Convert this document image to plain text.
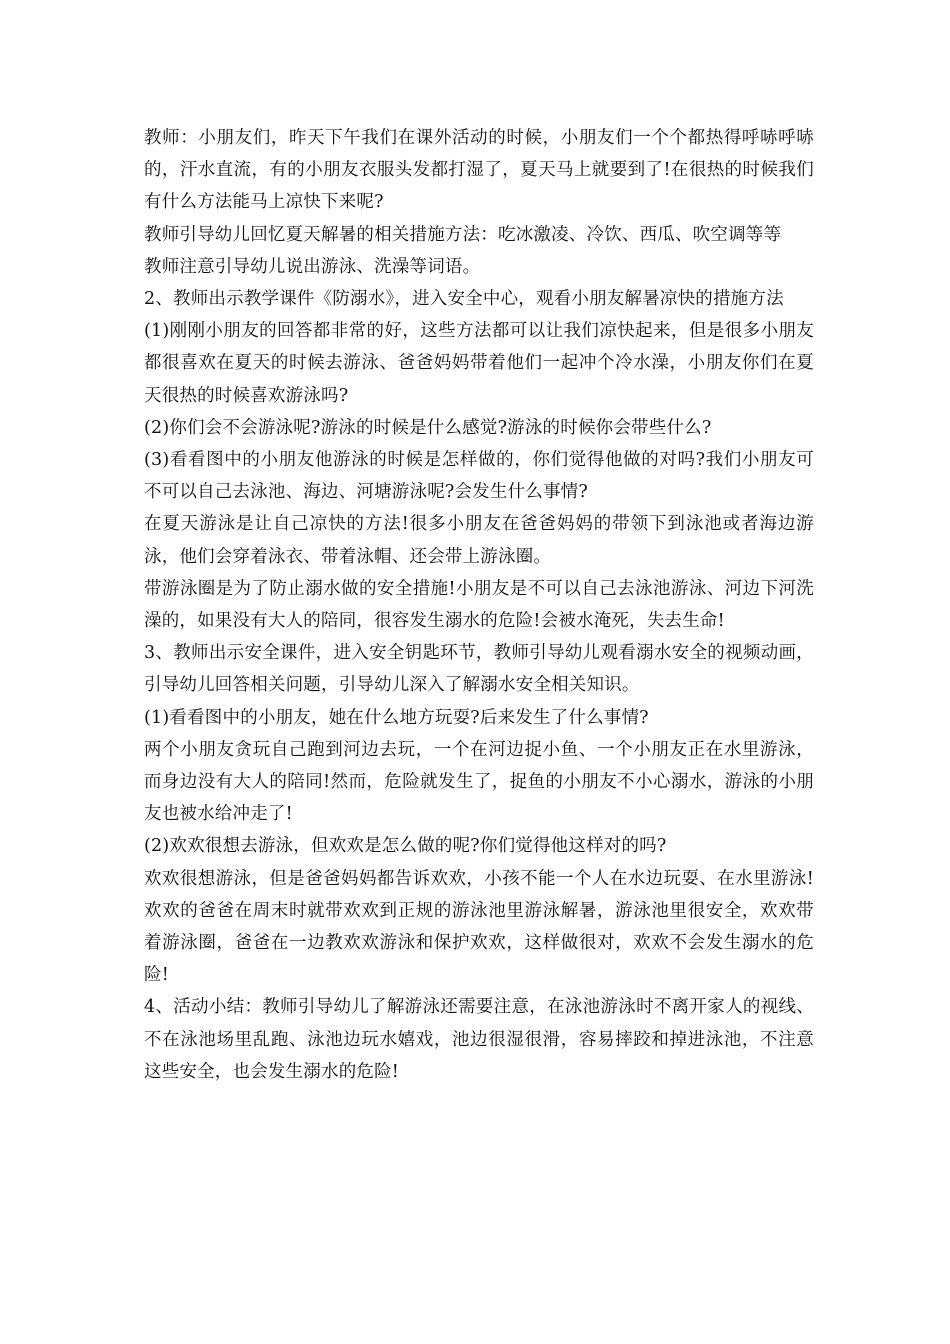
教师：小朋友们，昨天下午我们在课外活动的时候，小朋友们一个个都热得呼哧呼哧的，汗水直流，有的小朋友衣服头发都打湿了，夏天马上就要到了!在很热的时候我们有什么方法能马上凉快下来呢?

教师引导幼儿回忆夏天解暑的相关措施方法：吃冰激凌、冷饮、西瓜、吹空调等等

教师注意引导幼儿说出游泳、洗澡等词语。

2、教师出示教学课件《防溺水》，进入安全中心，观看小朋友解暑凉快的措施方法

(1)刚刚小朋友的回答都非常的好，这些方法都可以让我们凉快起来，但是很多小朋友都很喜欢在夏天的时候去游泳、爸爸妈妈带着他们一起冲个冷水澡，小朋友你们在夏天很热的时候喜欢游泳吗?

(2)你们会不会游泳呢?游泳的时候是什么感觉?游泳的时候你会带些什么?

(3)看看图中的小朋友他游泳的时候是怎样做的，你们觉得他做的对吗?我们小朋友可不可以自己去泳池、海边、河塘游泳呢?会发生什么事情?

在夏天游泳是让自己凉快的方法!很多小朋友在爸爸妈妈的带领下到泳池或者海边游泳，他们会穿着泳衣、带着泳帽、还会带上游泳圈。

带游泳圈是为了防止溺水做的安全措施!小朋友是不可以自己去泳池游泳、河边下河洗澡的，如果没有大人的陪同，很容发生溺水的危险!会被水淹死，失去生命!

3、教师出示安全课件，进入安全钥匙环节，教师引导幼儿观看溺水安全的视频动画，引导幼儿回答相关问题，引导幼儿深入了解溺水安全相关知识。

(1)看看图中的小朋友，她在什么地方玩耍?后来发生了什么事情?

两个小朋友贪玩自己跑到河边去玩，一个在河边捉小鱼、一个小朋友正在水里游泳，而身边没有大人的陪同!然而，危险就发生了，捉鱼的小朋友不小心溺水，游泳的小朋友也被水给冲走了!

(2)欢欢很想去游泳，但欢欢是怎么做的呢?你们觉得他这样对的吗?

欢欢很想游泳，但是爸爸妈妈都告诉欢欢，小孩不能一个人在水边玩耍、在水里游泳!欢欢的爸爸在周末时就带欢欢到正规的游泳池里游泳解暑，游泳池里很安全，欢欢带着游泳圈，爸爸在一边教欢欢游泳和保护欢欢，这样做很对，欢欢不会发生溺水的危险!

4、活动小结：教师引导幼儿了解游泳还需要注意，在泳池游泳时不离开家人的视线、不在泳池场里乱跑、泳池边玩水嬉戏，池边很湿很滑，容易摔跤和掉进泳池，不注意这些安全，也会发生溺水的危险!
